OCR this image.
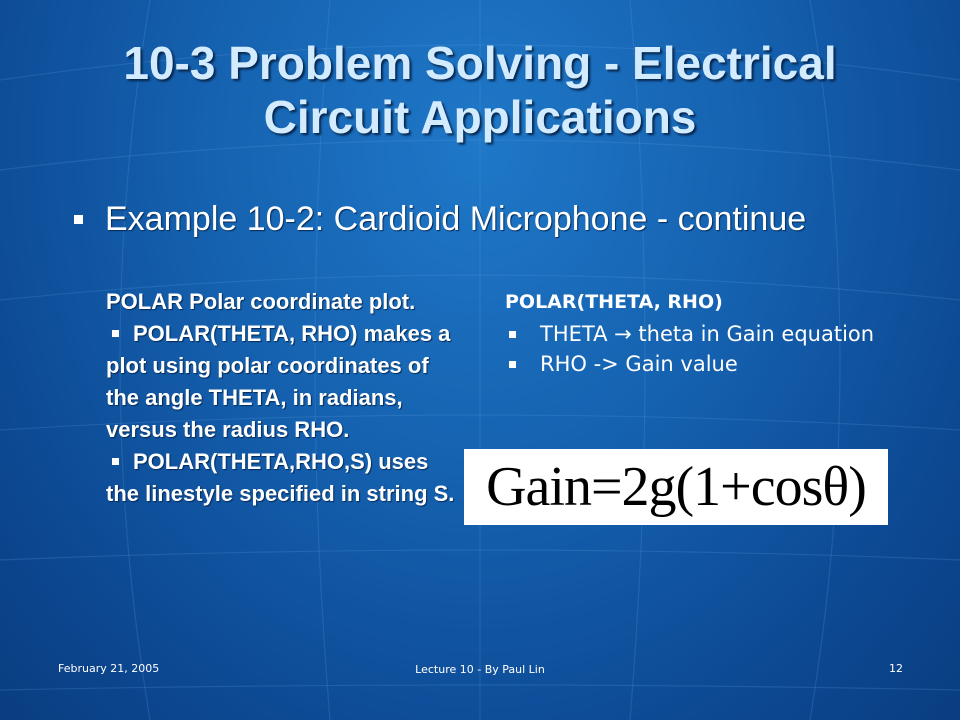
10-3 Problem Solving - Electrical
Circuit Applications
Example 10-2: Cardioid Microphone - continue

POLAR Polar coordinate plot.

POLAR(THETA, RHO) makes a plot using polar coordinates of the angle THETA, in radians, versus the radius RHO.

POLAR(THETA,RHO,S) uses the linestyle specified in string S.

POLAR(THETA, RHO)
THETA → theta in Gain equation
RHO -> Gain value
Gain=2g(1+cosθ)
February 21, 2005	Lecture 10 - By Paul Lin	12
